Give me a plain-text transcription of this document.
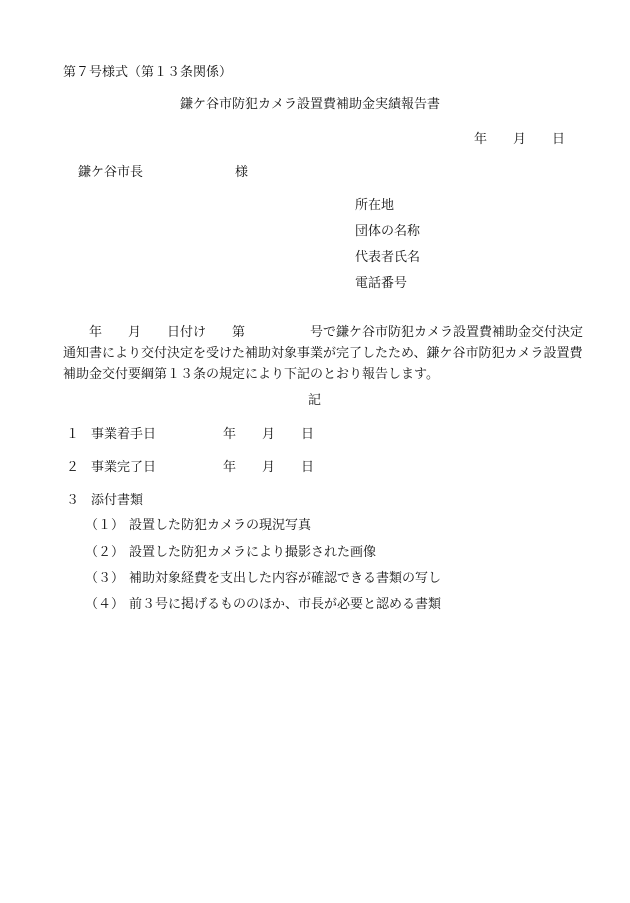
第７号様式（第１３条関係）
鎌ケ谷市防犯カメラ設置費補助金実績報告書
年　　月　　日
鎌ケ谷市長	様
所在地
団体の名称
代表者氏名
電話番号

　　年　　月　　日付け　　第　　　　　号で鎌ケ谷市防犯カメラ設置費補助金交付決定通知書により交付決定を受けた補助対象事業が完了したため、鎌ケ谷市防犯カメラ設置費補助金交付要綱第１３条の規定により下記のとおり報告します。

記
１ 事業着手日	年　　月　　日
２ 事業完了日	年　　月　　日
３ 添付書類
（１） 設置した防犯カメラの現況写真
（２） 設置した防犯カメラにより撮影された画像
（３） 補助対象経費を支出した内容が確認できる書類の写し
（４） 前３号に掲げるもののほか、市長が必要と認める書類
